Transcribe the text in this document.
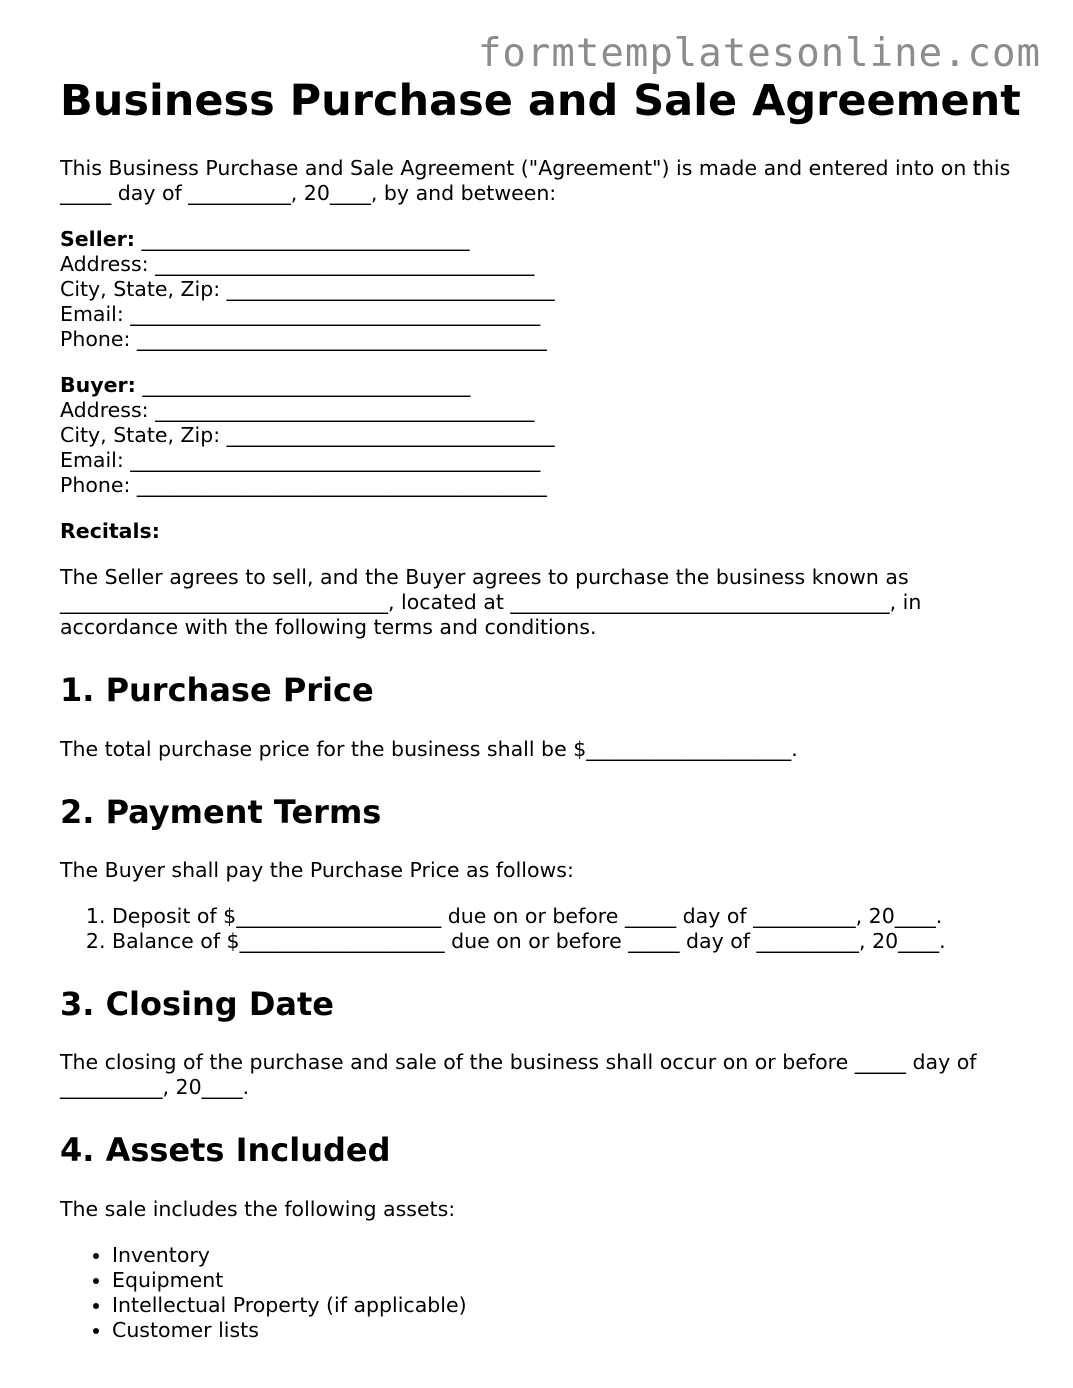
formtemplatesonline.com
Business Purchase and Sale Agreement

This Business Purchase and Sale Agreement ("Agreement") is made and entered into on this _____ day of __________, 20____, by and between:

Seller: ________________________________
Address: _____________________________________
City, State, Zip: ________________________________
Email: ________________________________________
Phone: ________________________________________
Buyer: ________________________________
Address: _____________________________________
City, State, Zip: ________________________________
Email: ________________________________________
Phone: ________________________________________
Recitals:

The Seller agrees to sell, and the Buyer agrees to purchase the business known as ________________________________, located at _____________________________________, in accordance with the following terms and conditions.

1. Purchase Price

The total purchase price for the business shall be $____________________.

2. Payment Terms

The Buyer shall pay the Purchase Price as follows:

1. Deposit of $____________________ due on or before _____ day of __________, 20____.
2. Balance of $____________________ due on or before _____ day of __________, 20____.
3. Closing Date

The closing of the purchase and sale of the business shall occur on or before _____ day of __________, 20____.

4. Assets Included

The sale includes the following assets:

• Inventory
• Equipment
• Intellectual Property (if applicable)
• Customer lists
